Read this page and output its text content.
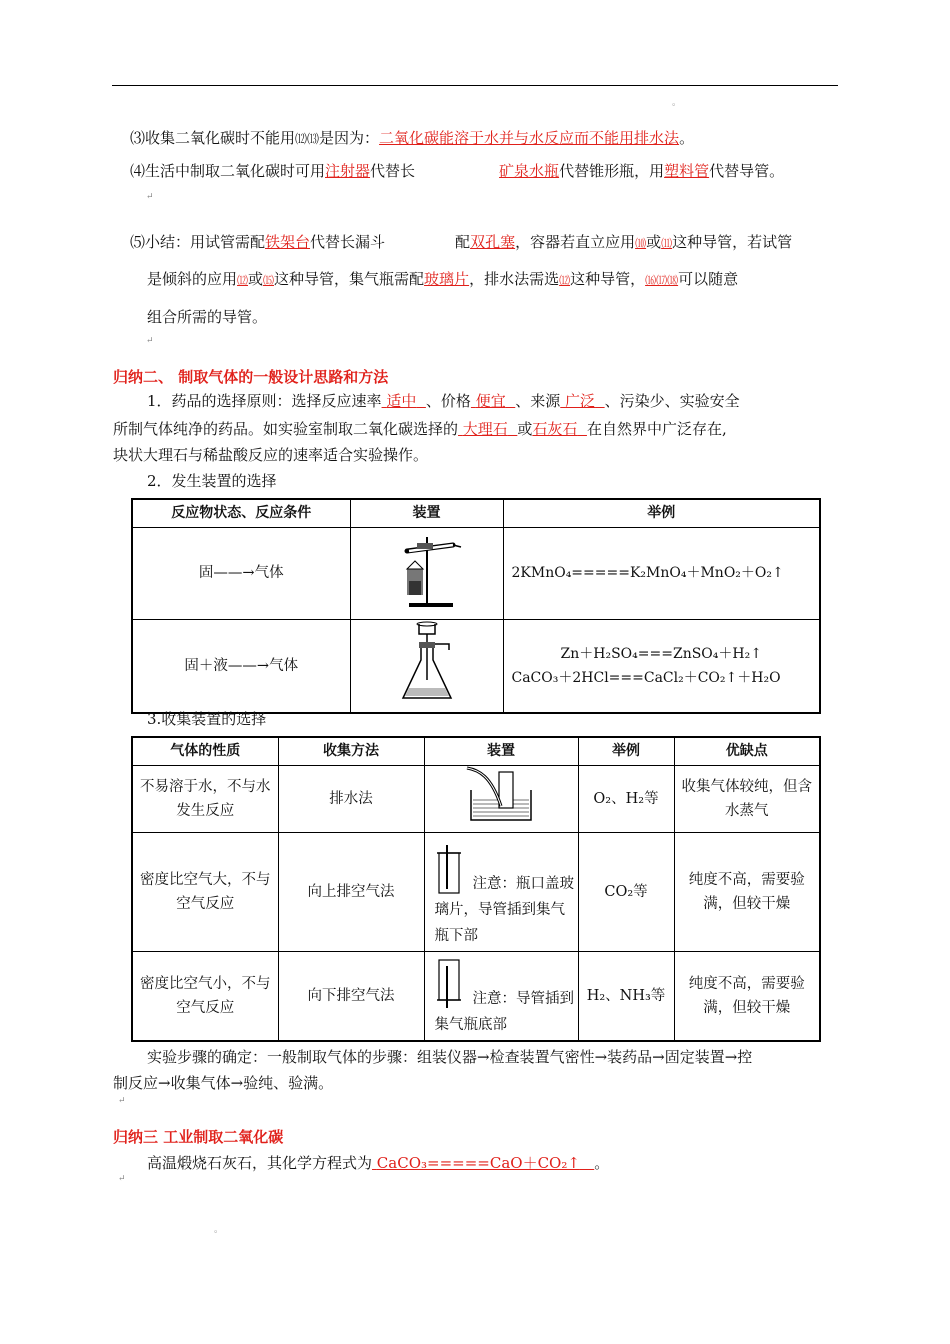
。
⑶收集二氧化碳时不能用⑿⒀是因为：二氧化碳能溶于水并与水反应而不能用排水法。
⑷生活中制取二氧化碳时可用注射器代替长	矿泉水瓶代替锥形瓶，用塑料管代替导管。
↵
⑸小结：用试管需配铁架台代替长漏斗	配双孔塞，容器若直立应用⑽或⑾这种导管，若试管
是倾斜的应用⑿或⒂这种导管，集气瓶需配玻璃片，排水法需选⑿这种导管，⒃⒄⒅可以随意
组合所需的导管。
↵
归纳二、 制取气体的一般设计思路和方法
1．药品的选择原则：选择反应速率 适中 、价格 便宜 、来源 广泛 、污染少、实验安全
所制气体纯净的药品。如实验室制取二氧化碳选择的 大理石 或石灰石 在自然界中广泛存在,
块状大理石与稀盐酸反应的速率适合实验操作。
2．发生装置的选择
反应物状态、反应条件	装置	举例
固——→气体		2KMnO₄=====K₂MnO₄＋MnO₂＋O₂↑
固＋液——→气体		Zn＋H₂SO₄===ZnSO₄＋H₂↑
CaCO₃＋2HCl===CaCl₂＋CO₂↑＋H₂O
3.收集装置的选择
气体的性质	收集方法	装置	举例	优缺点
不易溶于水，不与水发生反应	排水法		O₂、H₂等	收集气体较纯，但含水蒸气
密度比空气大，不与空气反应	向上排空气法	注意：瓶口盖玻璃片，导管插到集气瓶下部	CO₂等	纯度不高，需要验满，但较干燥
密度比空气小，不与空气反应	向下排空气法	注意：导管插到集气瓶底部	H₂、NH₃等	纯度不高，需要验满，但较干燥
实验步骤的确定：一般制取气体的步骤：组装仪器→检查装置气密性→装药品→固定装置→控
制反应→收集气体→验纯、验满。
↵
归纳三 工业制取二氧化碳
高温煅烧石灰石，其化学方程式为 CaCO₃=====CaO＋CO₂↑ 。
↵
。
